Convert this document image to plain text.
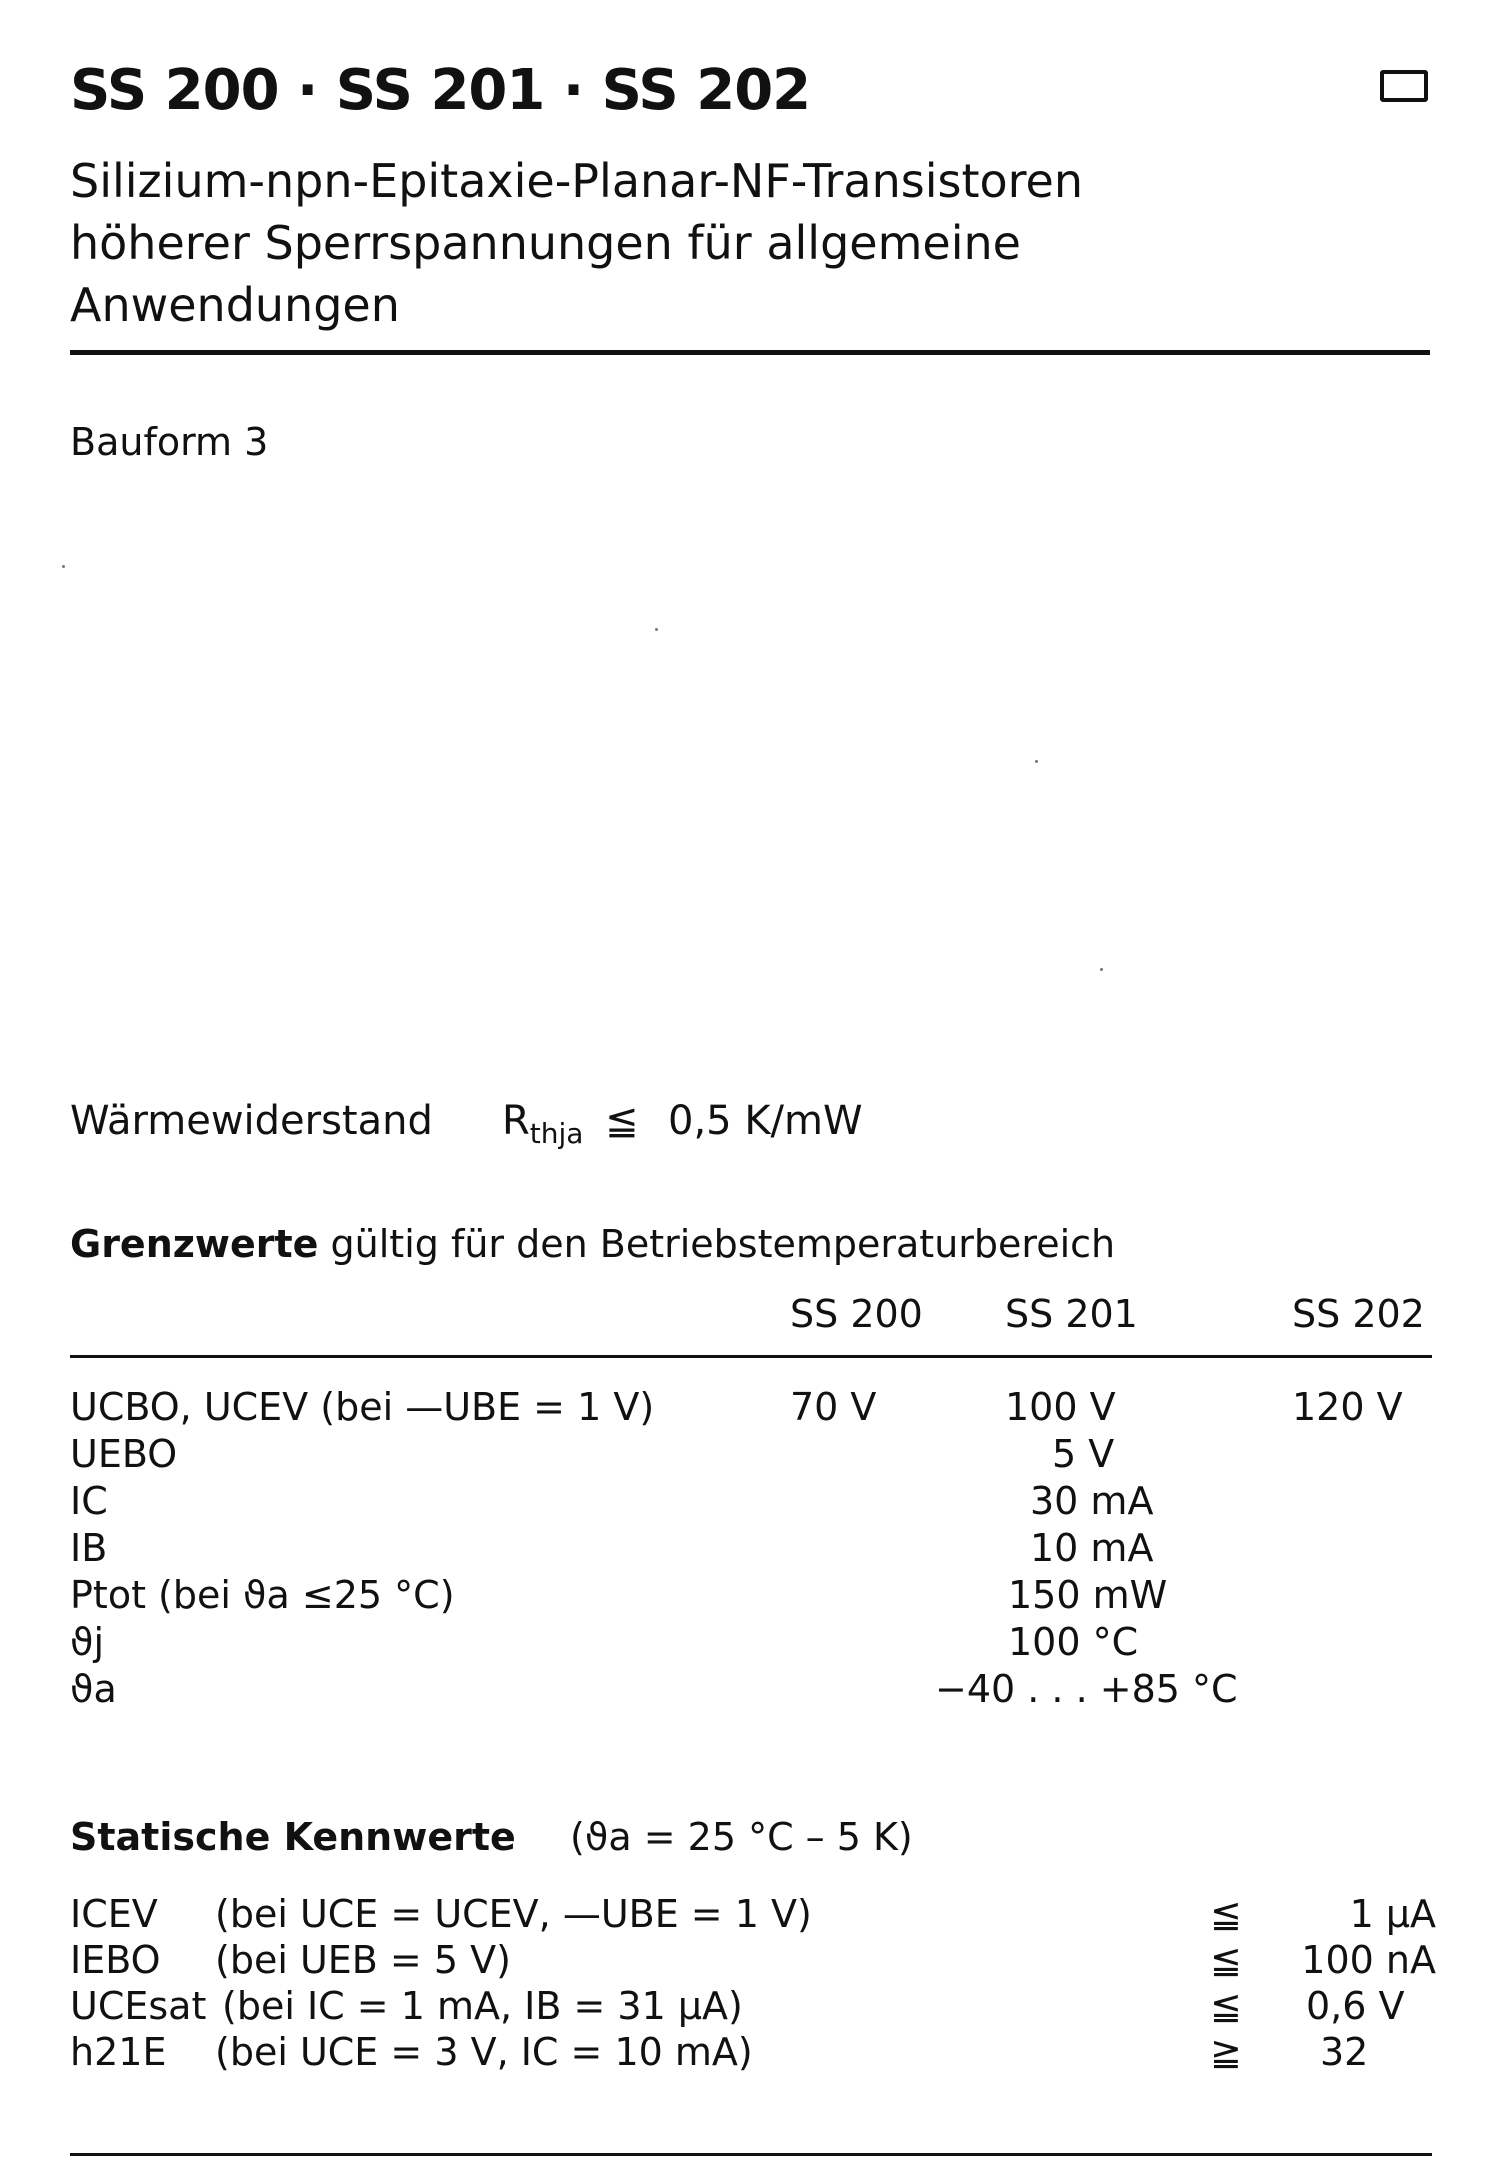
SS 200 · SS 201 · SS 202
Silizium-npn-Epitaxie-Planar-NF-Transistoren
höherer Sperrspannungen für allgemeine
Anwendungen
Bauform 3
Wärmewiderstand $R_{thja}$ ≦ 0,5 K/mW
Grenzwerte gültig für den Betriebstemperaturbereich
SS 200 SS 201	SS 202
UCBO, UCEV (bei —UBE = 1 V)	70 V	100 V	120 V
UEBO	5 V
IC	30 mA
IB	10 mA
Ptot (bei ϑa ≤25 °C)	150 mW
ϑj	100 °C
ϑa	−40 . . . +85 °C
Statische Kennwerte (ϑa = 25 °C – 5 K)
ICEV (bei UCE = UCEV, —UBE = 1 V)	≦	1 µA
IEBO (bei UEB = 5 V)	≦	100 nA
UCEsat (bei IC = 1 mA, IB = 31 µA)	≦ 0,6 V
h21E (bei UCE = 3 V, IC = 10 mA)	≧ 32
